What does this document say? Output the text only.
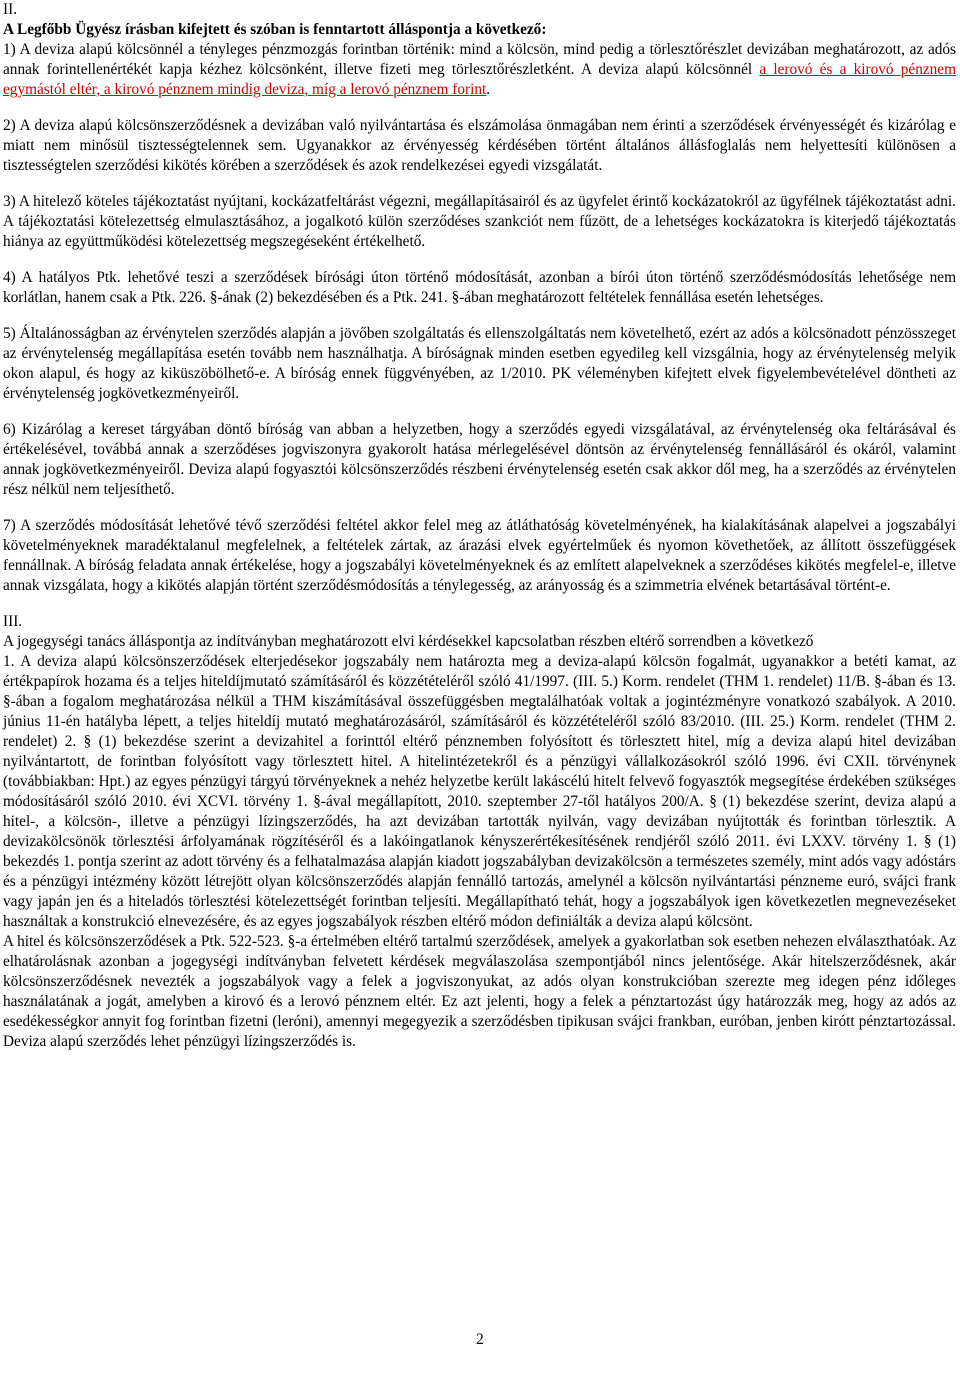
II.

A Legfőbb Ügyész írásban kifejtett és szóban is fenntartott álláspontja a következő:

1) A deviza alapú kölcsönnél a tényleges pénzmozgás forintban történik: mind a kölcsön, mind pedig a törlesztőrészlet devizában meghatározott, az adós annak forintellenértékét kapja kézhez kölcsönként, illetve fizeti meg törlesztőrészletként. A deviza alapú kölcsönnél a lerovó és a kirovó pénznem egymástól eltér, a kirovó pénznem mindig deviza, míg a lerovó pénznem forint.

2) A deviza alapú kölcsönszerződésnek a devizában való nyilvántartása és elszámolása önmagában nem érinti a szerződések érvényességét és kizárólag e miatt nem minősül tisztességtelennek sem. Ugyanakkor az érvényesség kérdésében történt általános állásfoglalás nem helyettesíti különösen a tisztességtelen szerződési kikötés körében a szerződések és azok rendelkezései egyedi vizsgálatát.

3) A hitelező köteles tájékoztatást nyújtani, kockázatfeltárást végezni, megállapításairól és az ügyfelet érintő kockázatokról az ügyfélnek tájékoztatást adni. A tájékoztatási kötelezettség elmulasztásához, a jogalkotó külön szerződéses szankciót nem fűzött, de a lehetséges kockázatokra is kiterjedő tájékoztatás hiánya az együttműködési kötelezettség megszegéseként értékelhető.

4) A hatályos Ptk. lehetővé teszi a szerződések bírósági úton történő módosítását, azonban a bírói úton történő szerződésmódosítás lehetősége nem korlátlan, hanem csak a Ptk. 226. §-ának (2) bekezdésében és a Ptk. 241. §-ában meghatározott feltételek fennállása esetén lehetséges.

5) Általánosságban az érvénytelen szerződés alapján a jövőben szolgáltatás és ellenszolgáltatás nem követelhető, ezért az adós a kölcsönadott pénzösszeget az érvénytelenség megállapítása esetén tovább nem használhatja. A bíróságnak minden esetben egyedileg kell vizsgálnia, hogy az érvénytelenség melyik okon alapul, és hogy az kiküszöbölhető-e. A bíróság ennek függvényében, az 1/2010. PK véleményben kifejtett elvek figyelembevételével döntheti az érvénytelenség jogkövetkezményeiről.

6) Kizárólag a kereset tárgyában döntő bíróság van abban a helyzetben, hogy a szerződés egyedi vizsgálatával, az érvénytelenség oka feltárásával és értékelésével, továbbá annak a szerződéses jogviszonyra gyakorolt hatása mérlegelésével döntsön az érvénytelenség fennállásáról és okáról, valamint annak jogkövetkezményeiről. Deviza alapú fogyasztói kölcsönszerződés részbeni érvénytelenség esetén csak akkor dől meg, ha a szerződés az érvénytelen rész nélkül nem teljesíthető.

7) A szerződés módosítását lehetővé tévő szerződési feltétel akkor felel meg az átláthatóság követelményének, ha kialakításának alapelvei a jogszabályi követelményeknek maradéktalanul megfelelnek, a feltételek zártak, az árazási elvek egyértelműek és nyomon követhetőek, az állított összefüggések fennállnak. A bíróság feladata annak értékelése, hogy a jogszabályi követelményeknek és az említett alapelveknek a szerződéses kikötés megfelel-e, illetve annak vizsgálata, hogy a kikötés alapján történt szerződésmódosítás a ténylegesség, az arányosság és a szimmetria elvének betartásával történt-e.

III.

A jogegységi tanács álláspontja az indítványban meghatározott elvi kérdésekkel kapcsolatban részben eltérő sorrendben a következő

1. A deviza alapú kölcsönszerződések elterjedésekor jogszabály nem határozta meg a deviza-alapú kölcsön fogalmát, ugyanakkor a betéti kamat, az értékpapírok hozama és a teljes hiteldíjmutató számításáról és közzétételéről szóló 41/1997. (III. 5.) Korm. rendelet (THM 1. rendelet) 11/B. §-ában és 13. §-ában a fogalom meghatározása nélkül a THM kiszámításával összefüggésben megtalálhatóak voltak a jogintézményre vonatkozó szabályok. A 2010. június 11-én hatályba lépett, a teljes hiteldíj mutató meghatározásáról, számításáról és közzétételéről szóló 83/2010. (III. 25.) Korm. rendelet (THM 2. rendelet) 2. § (1) bekezdése szerint a devizahitel a forinttól eltérő pénznemben folyósított és törlesztett hitel, míg a deviza alapú hitel devizában nyilvántartott, de forintban folyósított vagy törlesztett hitel. A hitelintézetekről és a pénzügyi vállalkozásokról szóló 1996. évi CXII. törvénynek (továbbiakban: Hpt.) az egyes pénzügyi tárgyú törvényeknek a nehéz helyzetbe került lakáscélú hitelt felvevő fogyasztók megsegítése érdekében szükséges módosításáról szóló 2010. évi XCVI. törvény 1. §-ával megállapított, 2010. szeptember 27-től hatályos 200/A. § (1) bekezdése szerint, deviza alapú a hitel-, a kölcsön-, illetve a pénzügyi lízingszerződés, ha azt devizában tartották nyilván, vagy devizában nyújtották és forintban törlesztik. A devizakölcsönök törlesztési árfolyamának rögzítéséről és a lakóingatlanok kényszerértékesítésének rendjéről szóló 2011. évi LXXV. törvény 1. § (1) bekezdés 1. pontja szerint az adott törvény és a felhatalmazása alapján kiadott jogszabályban devizakölcsön a természetes személy, mint adós vagy adóstárs és a pénzügyi intézmény között létrejött olyan kölcsönszerződés alapján fennálló tartozás, amelynél a kölcsön nyilvántartási pénzneme euró, svájci frank vagy japán jen és a hiteladós törlesztési kötelezettségét forintban teljesíti. Megállapítható tehát, hogy a jogszabályok igen következetlen megnevezéseket használtak a konstrukció elnevezésére, és az egyes jogszabályok részben eltérő módon definiálták a deviza alapú kölcsönt.

A hitel és kölcsönszerződések a Ptk. 522-523. §-a értelmében eltérő tartalmú szerződések, amelyek a gyakorlatban sok esetben nehezen elválaszthatóak. Az elhatárolásnak azonban a jogegységi indítványban felvetett kérdések megválaszolása szempontjából nincs jelentősége. Akár hitelszerződésnek, akár kölcsönszerződésnek nevezték a jogszabályok vagy a felek a jogviszonyukat, az adós olyan konstrukcióban szerezte meg idegen pénz időleges használatának a jogát, amelyben a kirovó és a lerovó pénznem eltér. Ez azt jelenti, hogy a felek a pénztartozást úgy határozzák meg, hogy az adós az esedékességkor annyit fog forintban fizetni (leróni), amennyi megegyezik a szerződésben tipikusan svájci frankban, euróban, jenben kirótt pénztartozással. Deviza alapú szerződés lehet pénzügyi lízingszerződés is.

2
